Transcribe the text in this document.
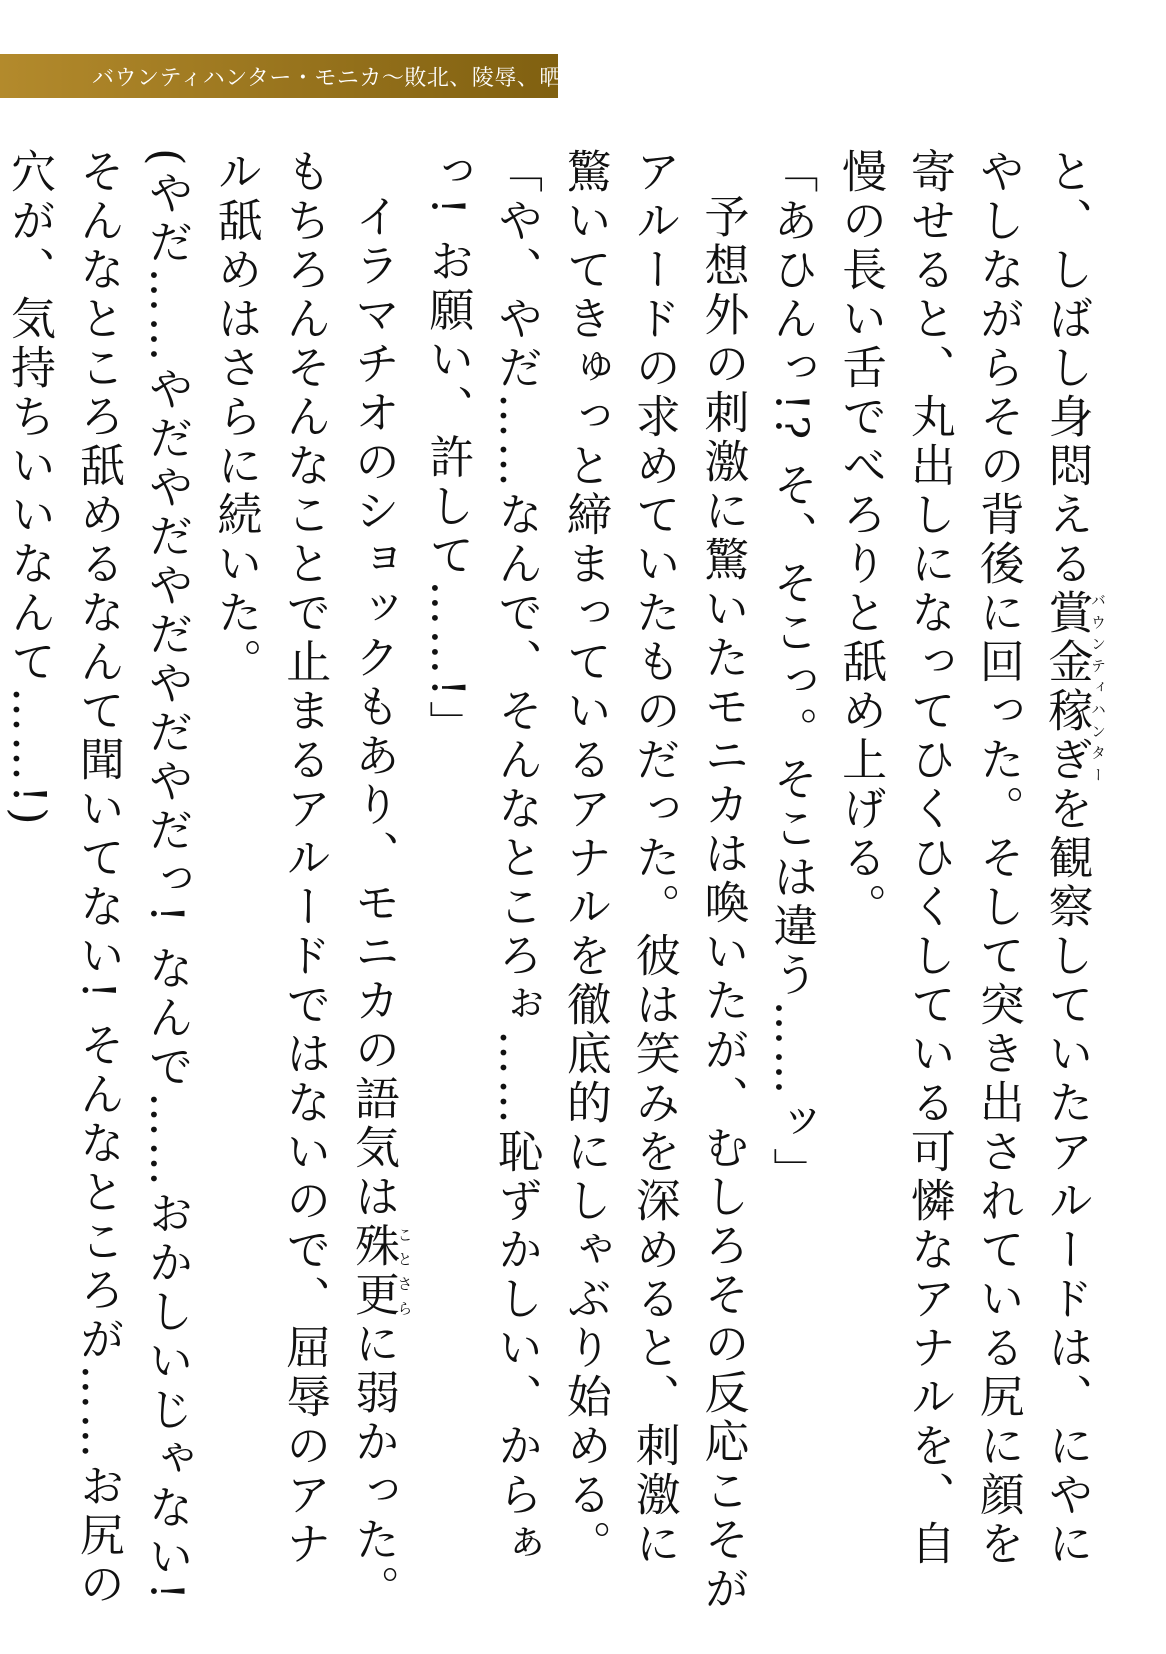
バウンティハンター・モニカ〜敗北、陵辱、晒し者〜

と、しばし身悶える賞金稼ぎバウンティハンターを観察していたアルードは、にやにやしながらその背後に回った。そして突き出されている尻に顔を寄せると、丸出しになってひくひくしている可憐なアナルを、自慢の長い舌でべろりと舐め上げる。

「あひんっ!? そ、そこっ。そこは違う……ッ」

予想外の刺激に驚いたモニカは喚いたが、むしろその反応こそがアルードの求めていたものだった。彼は笑みを深めると、刺激に驚いてきゅっと締まっているアナルを徹底的にしゃぶり始める。

「や、やだ……なんで、そんなところぉ……恥ずかしい、からぁっ! お願い、許して……!」

イラマチオのショックもあり、モニカの語気は殊更ことさらに弱かった。もちろんそんなことで止まるアルードではないので、屈辱のアナル舐めはさらに続いた。

(やだ……やだやだやだやだやだっ! なんで……おかしいじゃない! そんなところ舐めるなんて聞いてない! そんなところが……お尻の穴が、気持ちいいなんて……!)
